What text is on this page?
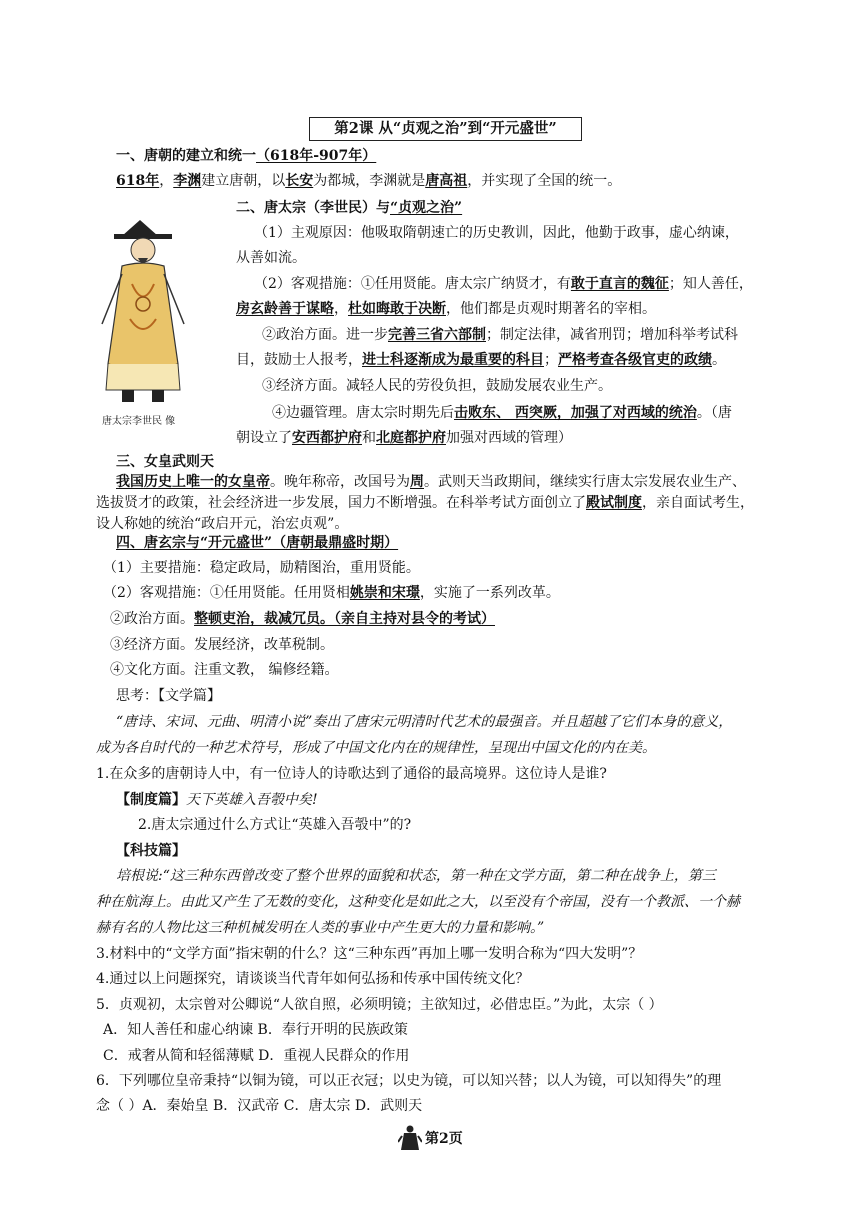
第2课 从“贞观之治”到“开元盛世”
一、唐朝的建立和统一（618年-907年）
618年，李渊建立唐朝，以长安为都城，李渊就是唐高祖，并实现了全国的统一。
唐太宗李世民 像
二、唐太宗（李世民）与“贞观之治”
（1）主观原因：他吸取隋朝速亡的历史教训，因此，他勤于政事，虚心纳谏，
从善如流。
（2）客观措施：①任用贤能。唐太宗广纳贤才，有敢于直言的魏征；知人善任，
房玄龄善于谋略，杜如晦敢于决断，他们都是贞观时期著名的宰相。
②政治方面。进一步完善三省六部制；制定法律，减省刑罚；增加科举考试科
目，鼓励士人报考，进士科逐渐成为最重要的科目；严格考查各级官吏的政绩。
③经济方面。减轻人民的劳役负担，鼓励发展农业生产。
④边疆管理。唐太宗时期先后击败东、 西突厥，加强了对西域的统治。（唐
朝设立了安西都护府和北庭都护府加强对西域的管理）
三、女皇武则天
我国历史上唯一的女皇帝。晚年称帝，改国号为周。武则天当政期间，继续实行唐太宗发展农业生产、
选拔贤才的政策，社会经济进一步发展，国力不断增强。在科举考试方面创立了殿试制度，亲自面试考生，
设人称她的统治“政启开元，治宏贞观”。
四、唐玄宗与“开元盛世”（唐朝最鼎盛时期）
（1）主要措施：稳定政局，励精图治，重用贤能。
（2）客观措施：①任用贤能。任用贤相姚崇和宋璟，实施了一系列改革。
②政治方面。整顿吏治，裁减冗员。（亲自主持对县令的考试）
③经济方面。发展经济，改革税制。
④文化方面。注重文教， 编修经籍。
思考：【文学篇】
“唐诗、宋词、元曲、明清小说”奏出了唐宋元明清时代艺术的最强音。并且超越了它们本身的意义，
成为各自时代的一种艺术符号，形成了中国文化内在的规律性，呈现出中国文化的内在美。
1.在众多的唐朝诗人中，有一位诗人的诗歌达到了通俗的最高境界。这位诗人是谁?
【制度篇】天下英雄入吾彀中矣!
2.唐太宗通过什么方式让“英雄入吾彀中”的?
【科技篇】
培根说:“这三种东西曾改变了整个世界的面貌和状态，第一种在文学方面，第二种在战争上，第三
种在航海上。由此又产生了无数的变化，这种变化是如此之大，以至没有个帝国，没有一个教派、一个赫
赫有名的人物比这三种机械发明在人类的事业中产生更大的力量和影响。”
3.材料中的“文学方面”指宋朝的什么？这“三种东西”再加上哪一发明合称为“四大发明”？
4.通过以上问题探究，请谈谈当代青年如何弘扬和传承中国传统文化？
5．贞观初，太宗曾对公卿说“人欲自照，必须明镜；主欲知过，必借忠臣。”为此，太宗（ ）
A．知人善任和虚心纳谏 B．奉行开明的民族政策
C．戒奢从简和轻徭薄赋 D．重视人民群众的作用
6．下列哪位皇帝秉持“以铜为镜，可以正衣冠；以史为镜，可以知兴替；以人为镜，可以知得失”的理
念（ ）A．秦始皇 B．汉武帝 C．唐太宗 D．武则天
第2页
